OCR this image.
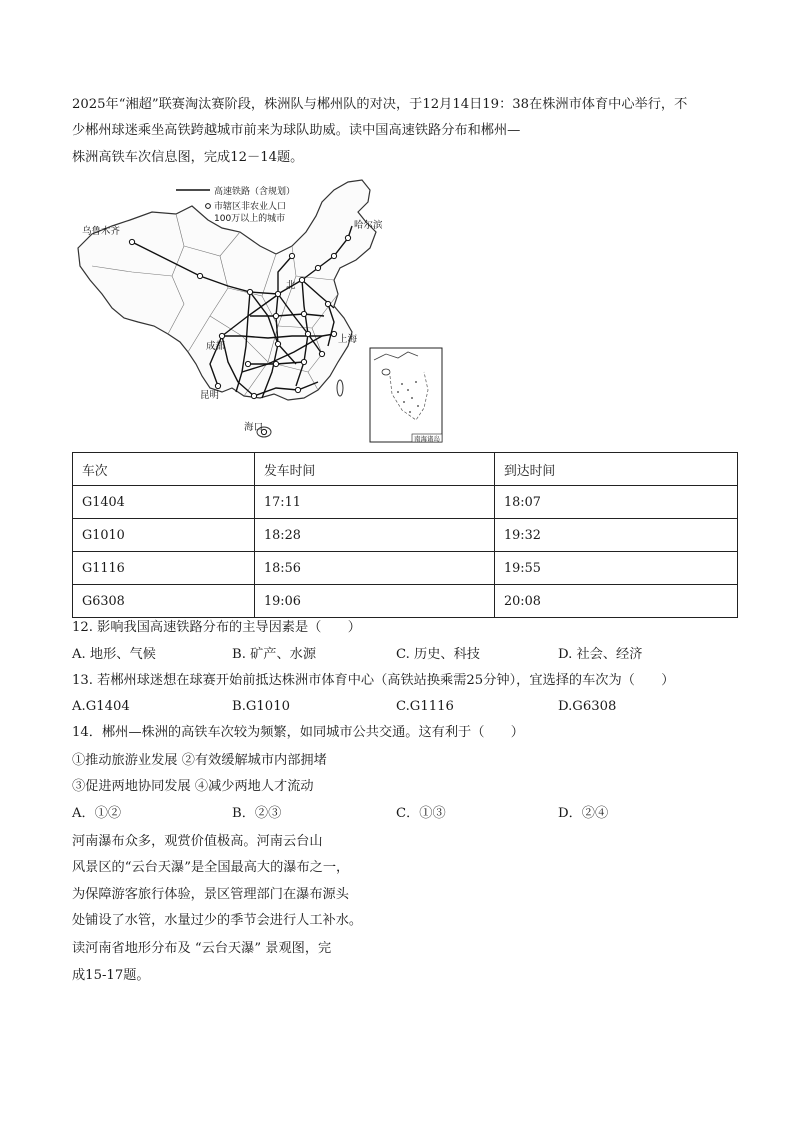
2025年“湘超”联赛淘汰赛阶段，株洲队与郴州队的对决，于12月14日19：38在株洲市体育中心举行，不
少郴州球迷乘坐高铁跨越城市前来为球队助威。读中国高速铁路分布和郴州—
株洲高铁车次信息图，完成12－14题。
高速铁路（含规划）
市辖区非农业人口
100万以上的城市
乌鲁木齐
哈尔滨
北
上海
成都
昆明
海口
南海诸岛
车次	发车时间	到达时间
G1404	17:11	18:07
G1010	18:28	19:32
G1116	18:56	19:55
G6308	19:06	20:08
12. 影响我国高速铁路分布的主导因素是（　　）
A. 地形、气候	B. 矿产、水源	C. 历史、科技	D. 社会、经济
13. 若郴州球迷想在球赛开始前抵达株洲市体育中心（高铁站换乘需25分钟），宜选择的车次为（　　）
A.G1404	B.G1010	C.G1116	D.G6308
14．郴州—株洲的高铁车次较为频繁，如同城市公共交通。这有利于（　　）
①推动旅游业发展 ②有效缓解城市内部拥堵
③促进两地协同发展 ④减少两地人才流动
A．①②	B．②③	C．①③	D．②④
河南瀑布众多，观赏价值极高。河南云台山
风景区的“云台天瀑”是全国最高大的瀑布之一，
为保障游客旅行体验，景区管理部门在瀑布源头
处铺设了水管，水量过少的季节会进行人工补水。
读河南省地形分布及 “云台天瀑” 景观图，完
成15-17题。
